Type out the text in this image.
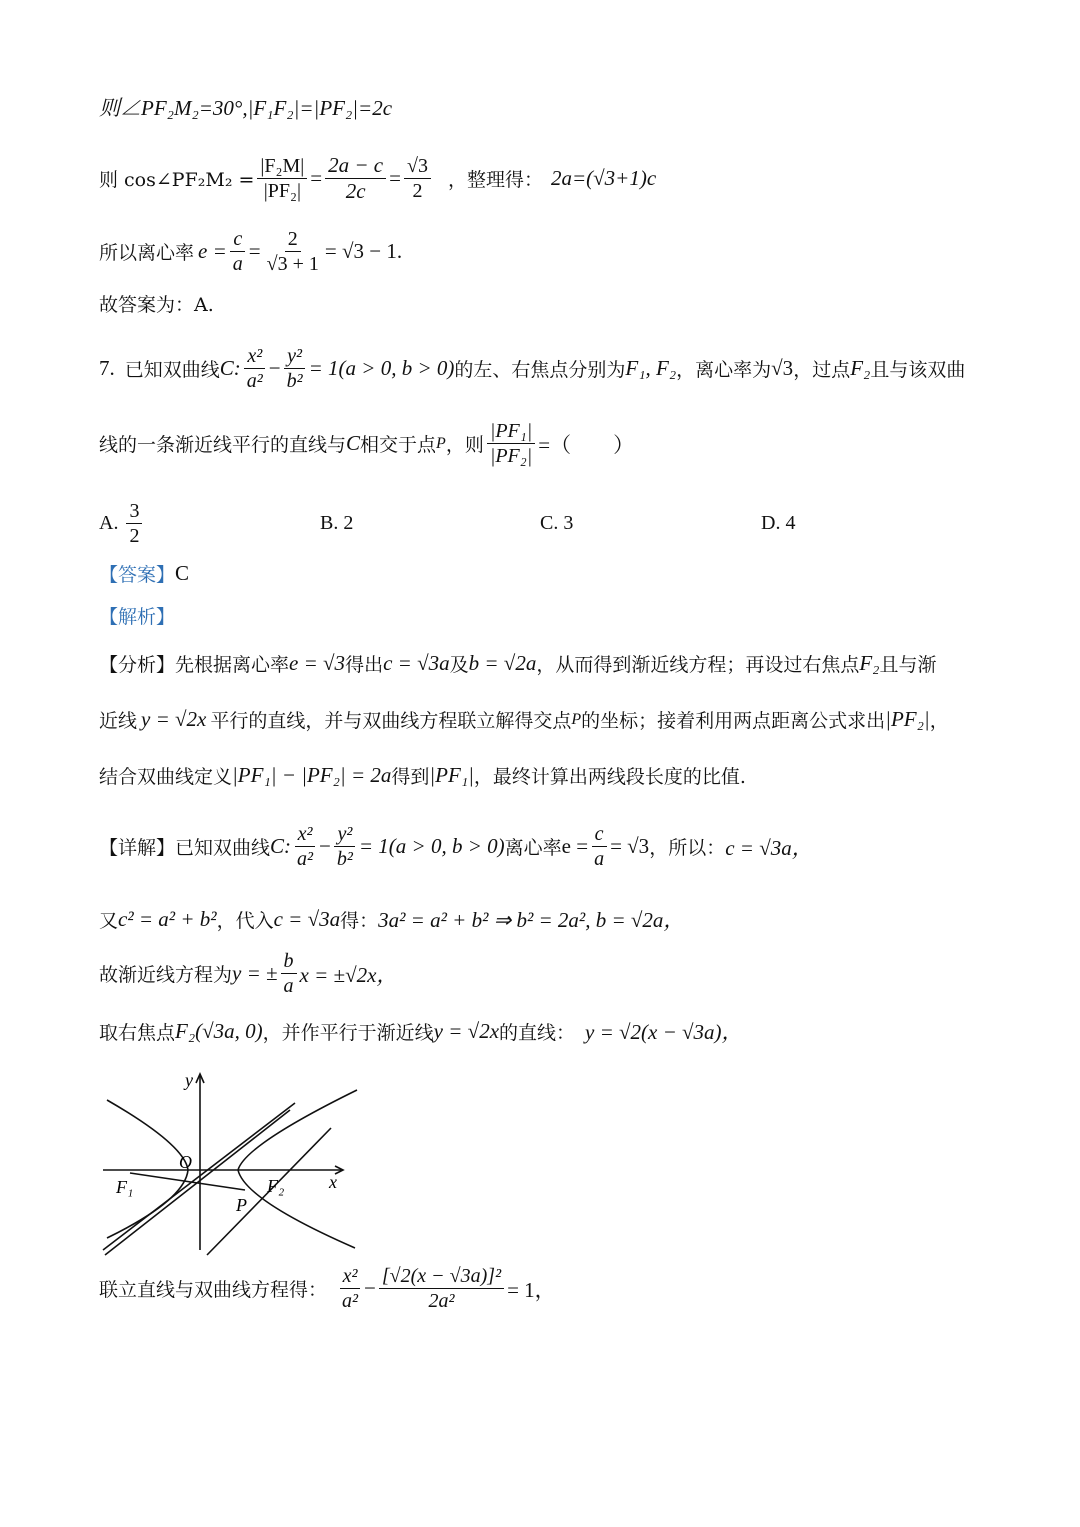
则∠PF₂M₂=30°,|F₁F₂|=|PF₂|=2c
则 cos∠PF₂M₂ = $\frac{\text{|F₂M|}}{\text{|PF₂|}} = \frac{2a - c}{2c} = \frac{√3}{2}$ ，整理得： 2a=(√3+1)c
所以离心率 $e = \frac{c}{a} = \frac{2}{√3 + 1} = √3 - 1$.
故答案为：A.
7. 已知双曲线 C: $\frac{\text{x²}}{\text{a²}} - \frac{\text{y²}}{\text{b²}} = 1(a > 0$, b > 0) 的左、右焦点分别为 F₁, F₂ ，离心率为 √3 ，过点 F₂ 且与该双曲
线的一条渐近线平行的直线与 C 相交于点 P ，则 $\frac{\text{|PF₁|}}{\text{|PF₂|}}$ =（　　）
A. $\frac{3}{2}$	B. 2	C. 3	D. 4
【答案】 C
【解析】
【分析】 先根据离心率 e = √3 得出 c = √3a 及 b = √2a ，从而得到渐近线方程；再设过右焦点 F₂ 且与渐
近线 y = √2x 平行的直线，并与双曲线方程联立解得交点 P 的坐标；接着利用两点距离公式求出 |PF₂| ，
结合双曲线定义 |PF₁| − |PF₂| = 2a 得到 |PF₁| ，最终计算出两线段长度的比值.
【详解】 已知双曲线 C: $\frac{\text{x²}}{\text{a²}} - \frac{\text{y²}}{\text{b²}} = 1(a > 0$, b > 0) 离心率 $e = \frac{c}{a} = √3$ ，所以： c = √3a，
又 c² = a² + b² ，代入 c = √3a 得： 3a² = a² + b² ⇒ b² = 2a², b = √2a，
故渐近线方程为 y = ± $\frac{b}{a}$ x = ±√2x，
取右焦点 F₂(√3a, 0) ，并作平行于渐近线 y = √2x 的直线： y = √2(x − √3a)，
y
x
O
F₁	F₂
P
联立直线与双曲线方程得： $\frac{\text{x²}}{\text{a²}} - \frac{\text{[√2(x − √3a)]²}}{\text{2a²}} = 1$，
